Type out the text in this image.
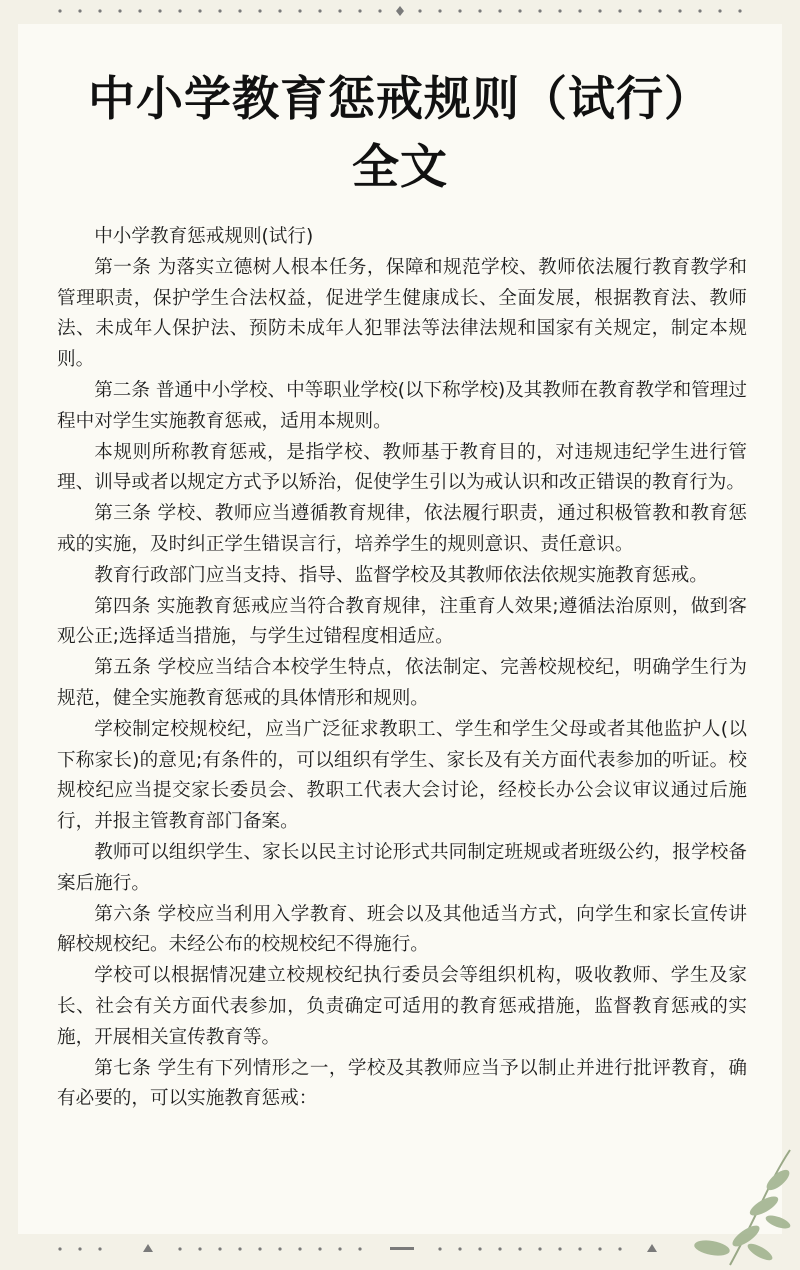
中小学教育惩戒规则（试行）
全文

中小学教育惩戒规则(试行)

第一条 为落实立德树人根本任务，保障和规范学校、教师依法履行教育教学和管理职责，保护学生合法权益，促进学生健康成长、全面发展，根据教育法、教师法、未成年人保护法、预防未成年人犯罪法等法律法规和国家有关规定，制定本规则。

第二条 普通中小学校、中等职业学校(以下称学校)及其教师在教育教学和管理过程中对学生实施教育惩戒，适用本规则。

本规则所称教育惩戒，是指学校、教师基于教育目的，对违规违纪学生进行管理、训导或者以规定方式予以矫治，促使学生引以为戒认识和改正错误的教育行为。

第三条 学校、教师应当遵循教育规律，依法履行职责，通过积极管教和教育惩戒的实施，及时纠正学生错误言行，培养学生的规则意识、责任意识。

教育行政部门应当支持、指导、监督学校及其教师依法依规实施教育惩戒。

第四条 实施教育惩戒应当符合教育规律，注重育人效果;遵循法治原则，做到客观公正;选择适当措施，与学生过错程度相适应。

第五条 学校应当结合本校学生特点，依法制定、完善校规校纪，明确学生行为规范，健全实施教育惩戒的具体情形和规则。

学校制定校规校纪，应当广泛征求教职工、学生和学生父母或者其他监护人(以下称家长)的意见;有条件的，可以组织有学生、家长及有关方面代表参加的听证。校规校纪应当提交家长委员会、教职工代表大会讨论，经校长办公会议审议通过后施行，并报主管教育部门备案。

教师可以组织学生、家长以民主讨论形式共同制定班规或者班级公约，报学校备案后施行。

第六条 学校应当利用入学教育、班会以及其他适当方式，向学生和家长宣传讲解校规校纪。未经公布的校规校纪不得施行。

学校可以根据情况建立校规校纪执行委员会等组织机构，吸收教师、学生及家长、社会有关方面代表参加，负责确定可适用的教育惩戒措施，监督教育惩戒的实施，开展相关宣传教育等。

第七条 学生有下列情形之一，学校及其教师应当予以制止并进行批评教育，确有必要的，可以实施教育惩戒：
